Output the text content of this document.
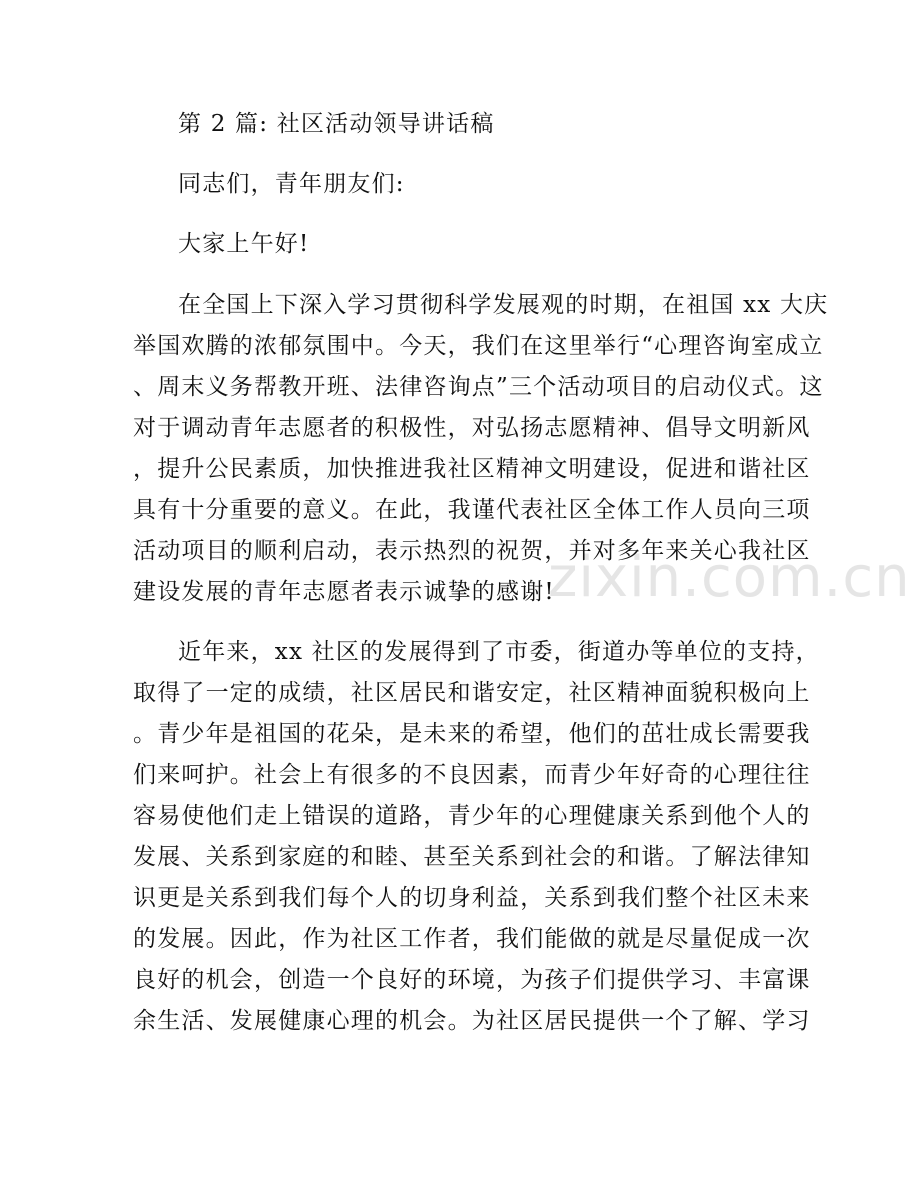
zixin.com.cn
第 2 篇: 社区活动领导讲话稿
同志们，青年朋友们:
大家上午好!
在全国上下深入学习贯彻科学发展观的时期，在祖国 xx 大庆
举国欢腾的浓郁氛围中。今天，我们在这里举行“心理咨询室成立
、周末义务帮教开班、法律咨询点”三个活动项目的启动仪式。这
对于调动青年志愿者的积极性，对弘扬志愿精神、倡导文明新风
，提升公民素质，加快推进我社区精神文明建设，促进和谐社区
具有十分重要的意义。在此，我谨代表社区全体工作人员向三项
活动项目的顺利启动，表示热烈的祝贺，并对多年来关心我社区
建设发展的青年志愿者表示诚挚的感谢!
近年来，xx 社区的发展得到了市委，街道办等单位的支持，
取得了一定的成绩，社区居民和谐安定，社区精神面貌积极向上
。青少年是祖国的花朵，是未来的希望，他们的茁壮成长需要我
们来呵护。社会上有很多的不良因素，而青少年好奇的心理往往
容易使他们走上错误的道路，青少年的心理健康关系到他个人的
发展、关系到家庭的和睦、甚至关系到社会的和谐。了解法律知
识更是关系到我们每个人的切身利益，关系到我们整个社区未来
的发展。因此，作为社区工作者，我们能做的就是尽量促成一次
良好的机会，创造一个良好的环境，为孩子们提供学习、丰富课
余生活、发展健康心理的机会。为社区居民提供一个了解、学习
